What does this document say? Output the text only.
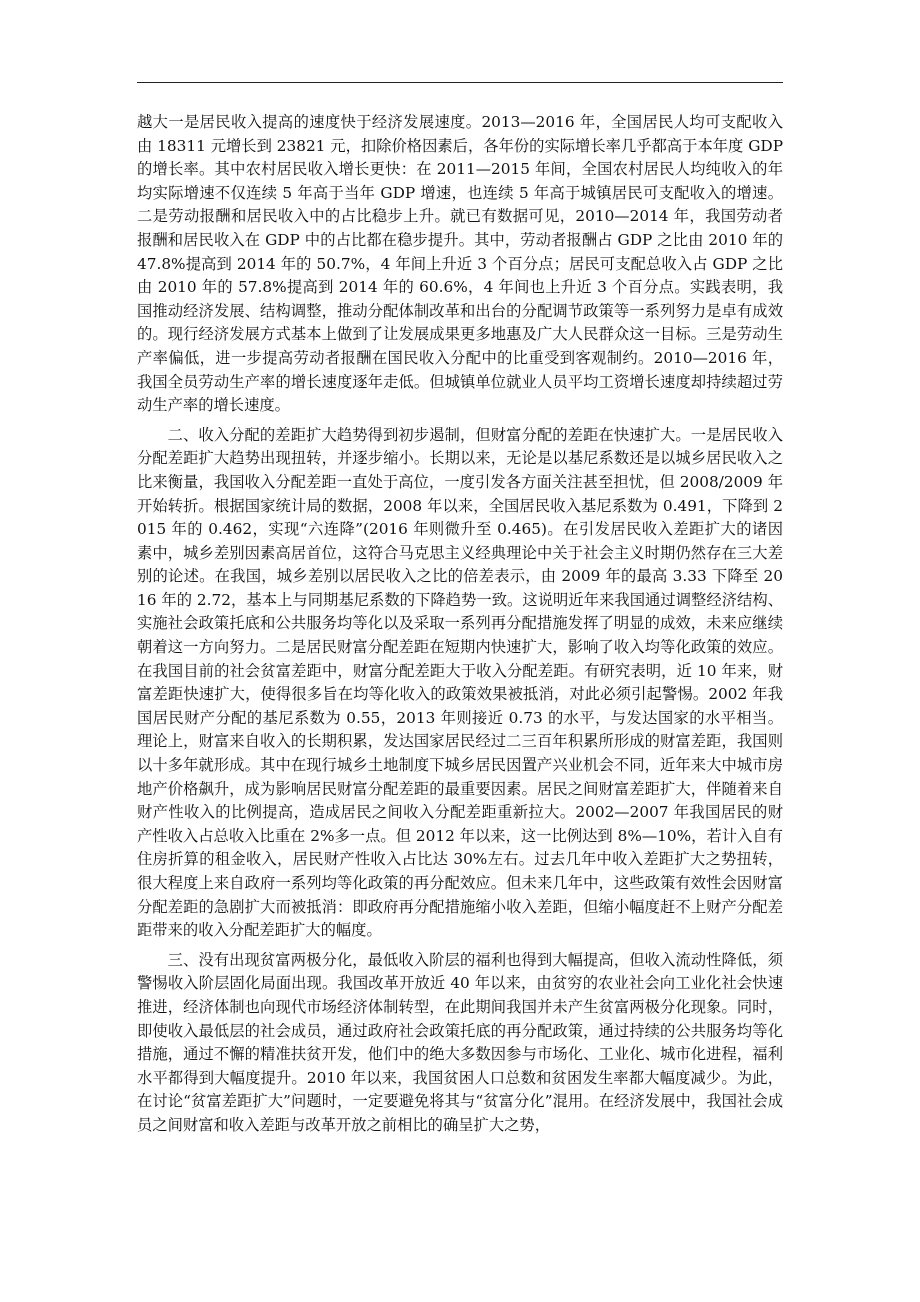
越大一是居民收入提高的速度快于经济发展速度。2013—2016 年，全国居民人均可支配收入由 18311 元增长到 23821 元，扣除价格因素后，各年份的实际增长率几乎都高于本年度 GDP 的增长率。其中农村居民收入增长更快：在 2011—2015 年间，全国农村居民人均纯收入的年均实际增速不仅连续 5 年高于当年 GDP 增速，也连续 5 年高于城镇居民可支配收入的增速。二是劳动报酬和居民收入中的占比稳步上升。就已有数据可见，2010—2014 年，我国劳动者报酬和居民收入在 GDP 中的占比都在稳步提升。其中，劳动者报酬占 GDP 之比由 2010 年的 47.8%提高到 2014 年的 50.7%，4 年间上升近 3 个百分点；居民可支配总收入占 GDP 之比由 2010 年的 57.8%提高到 2014 年的 60.6%，4 年间也上升近 3 个百分点。实践表明，我国推动经济发展、结构调整，推动分配体制改革和出台的分配调节政策等一系列努力是卓有成效的。现行经济发展方式基本上做到了让发展成果更多地惠及广大人民群众这一目标。三是劳动生产率偏低，进一步提高劳动者报酬在国民收入分配中的比重受到客观制约。2010—2016 年，我国全员劳动生产率的增长速度逐年走低。但城镇单位就业人员平均工资增长速度却持续超过劳动生产率的增长速度。

二、收入分配的差距扩大趋势得到初步遏制，但财富分配的差距在快速扩大。一是居民收入分配差距扩大趋势出现扭转，并逐步缩小。长期以来，无论是以基尼系数还是以城乡居民收入之比来衡量，我国收入分配差距一直处于高位，一度引发各方面关注甚至担忧，但 2008/2009 年开始转折。根据国家统计局的数据，2008 年以来，全国居民收入基尼系数为 0.491，下降到 2015 年的 0.462，实现“六连降”(2016 年则微升至 0.465)。在引发居民收入差距扩大的诸因素中，城乡差别因素高居首位，这符合马克思主义经典理论中关于社会主义时期仍然存在三大差别的论述。在我国，城乡差别以居民收入之比的倍差表示，由 2009 年的最高 3.33 下降至 2016 年的 2.72，基本上与同期基尼系数的下降趋势一致。这说明近年来我国通过调整经济结构、实施社会政策托底和公共服务均等化以及采取一系列再分配措施发挥了明显的成效，未来应继续朝着这一方向努力。二是居民财富分配差距在短期内快速扩大，影响了收入均等化政策的效应。在我国目前的社会贫富差距中，财富分配差距大于收入分配差距。有研究表明，近 10 年来，财富差距快速扩大，使得很多旨在均等化收入的政策效果被抵消，对此必须引起警惕。2002 年我国居民财产分配的基尼系数为 0.55，2013 年则接近 0.73 的水平，与发达国家的水平相当。理论上，财富来自收入的长期积累，发达国家居民经过二三百年积累所形成的财富差距，我国则以十多年就形成。其中在现行城乡土地制度下城乡居民因置产兴业机会不同，近年来大中城市房地产价格飙升，成为影响居民财富分配差距的最重要因素。居民之间财富差距扩大，伴随着来自财产性收入的比例提高，造成居民之间收入分配差距重新拉大。2002—2007 年我国居民的财产性收入占总收入比重在 2%多一点。但 2012 年以来，这一比例达到 8%—10%，若计入自有住房折算的租金收入，居民财产性收入占比达 30%左右。过去几年中收入差距扩大之势扭转，很大程度上来自政府一系列均等化政策的再分配效应。但未来几年中，这些政策有效性会因财富分配差距的急剧扩大而被抵消：即政府再分配措施缩小收入差距，但缩小幅度赶不上财产分配差距带来的收入分配差距扩大的幅度。

三、没有出现贫富两极分化，最低收入阶层的福利也得到大幅提高，但收入流动性降低，须警惕收入阶层固化局面出现。我国改革开放近 40 年以来，由贫穷的农业社会向工业化社会快速推进，经济体制也向现代市场经济体制转型，在此期间我国并未产生贫富两极分化现象。同时，即使收入最低层的社会成员，通过政府社会政策托底的再分配政策，通过持续的公共服务均等化措施，通过不懈的精准扶贫开发，他们中的绝大多数因参与市场化、工业化、城市化进程，福利水平都得到大幅度提升。2010 年以来，我国贫困人口总数和贫困发生率都大幅度减少。为此，在讨论“贫富差距扩大”问题时，一定要避免将其与“贫富分化”混用。在经济发展中，我国社会成员之间财富和收入差距与改革开放之前相比的确呈扩大之势，
